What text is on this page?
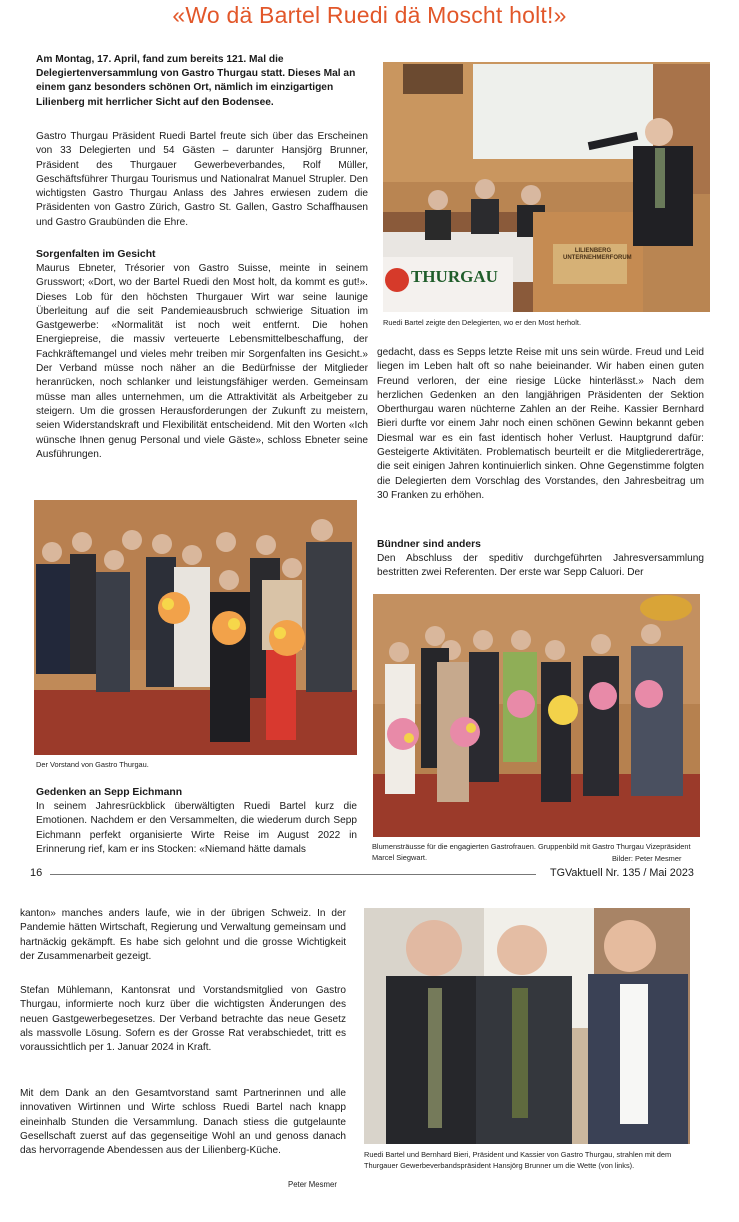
«Wo dä Bartel Ruedi dä Moscht holt!»
Am Montag, 17. April, fand zum bereits 121. Mal die Delegiertenversammlung von Gastro Thurgau statt. Dieses Mal an einem ganz besonders schönen Ort, nämlich im einzigartigen Lilienberg mit herrlicher Sicht auf den Bodensee.
Gastro Thurgau Präsident Ruedi Bartel freute sich über das Erscheinen von 33 Delegierten und 54 Gästen – darunter Hansjörg Brunner, Präsident des Thurgauer Gewerbeverbandes, Rolf Müller, Geschäftsführer Thurgau Tourismus und Nationalrat Manuel Strupler. Den wichtigsten Gastro Thurgau Anlass des Jahres erwiesen zudem die Präsidenten von Gastro Zürich, Gastro St. Gallen, Gastro Schaffhausen und Gastro Graubünden die Ehre.
Sorgenfalten im Gesicht
Maurus Ebneter, Trésorier von Gastro Suisse, meinte in seinem Grusswort; «Dort, wo der Bartel Ruedi den Most holt, da kommt es gut!». Dieses Lob für den höchsten Thurgauer Wirt war seine launige Überleitung auf die seit Pandemieausbruch schwierige Situation im Gastgewerbe: «Normalität ist noch weit entfernt. Die hohen Energiepreise, die massiv verteuerte Lebensmittelbeschaffung, der Fachkräftemangel und vieles mehr treiben mir Sorgenfalten ins Gesicht.» Der Verband müsse noch näher an die Bedürfnisse der Mitglieder heranrücken, noch schlanker und leistungsfähiger werden. Gemeinsam müsse man alles unternehmen, um die Attraktivität als Arbeitgeber zu steigern. Um die grossen Herausforderungen der Zukunft zu meistern, seien Widerstandskraft und Flexibilität entscheidend. Mit den Worten «Ich wünsche Ihnen genug Personal und viele Gäste», schloss Ebneter seine Ausführungen.
THURGAU
LILIENBERG UNTERNEHMERFORUM
Ruedi Bartel zeigte den Delegierten, wo er den Most herholt.
gedacht, dass es Sepps letzte Reise mit uns sein würde. Freud und Leid liegen im Leben halt oft so nahe beieinander. Wir haben einen guten Freund verloren, der eine riesige Lücke hinterlässt.» Nach dem herzlichen Gedenken an den langjährigen Präsidenten der Sektion Oberthurgau waren nüchterne Zahlen an der Reihe. Kassier Bernhard Bieri durfte vor einem Jahr noch einen schönen Gewinn bekannt geben Diesmal war es ein fast identisch hoher Verlust. Hauptgrund dafür: Gesteigerte Aktivitäten. Problematisch beurteilt er die Mitgliedererträge, die seit einigen Jahren kontinuierlich sinken. Ohne Gegenstimme folgten die Delegierten dem Vorschlag des Vorstandes, den Jahresbeitrag um 30 Franken zu erhöhen.
Bündner sind anders
Den Abschluss der speditiv durchgeführten Jahresversammlung bestritten zwei Referenten. Der erste war Sepp Caluori. Der
Der Vorstand von Gastro Thurgau.
Gedenken an Sepp Eichmann
In seinem Jahresrückblick überwältigten Ruedi Bartel kurz die Emotionen. Nachdem er den Versammelten, die wiederum durch Sepp Eichmann perfekt organisierte Wirte Reise im August 2022 in Erinnerung rief, kam er ins Stocken: «Niemand hätte damals	Blumensträusse für die engagierten Gastrofrauen. Gruppenbild mit Gastro Thurgau Vizepräsident Marcel Siegwart.	Bilder: Peter Mesmer
16	TGVaktuell Nr. 135 / Mai 2023
kanton» manches anders laufe, wie in der übrigen Schweiz. In der Pandemie hätten Wirtschaft, Regierung und Verwaltung gemeinsam und hartnäckig gekämpft. Es habe sich gelohnt und die grosse Wichtigkeit der Zusammenarbeit gezeigt.
Stefan Mühlemann, Kantonsrat und Vorstandsmitglied von Gastro Thurgau, informierte noch kurz über die wichtigsten Änderungen des neuen Gastgewerbegesetzes. Der Verband betrachte das neue Gesetz als massvolle Lösung. Sofern es der Grosse Rat verabschiedet, tritt es voraussichtlich per 1. Januar 2024 in Kraft.
Mit dem Dank an den Gesamtvorstand samt Partnerinnen und alle innovativen Wirtinnen und Wirte schloss Ruedi Bartel nach knapp eineinhalb Stunden die Versammlung. Danach stiess die gutgelaunte Gesellschaft zuerst auf das gegenseitige Wohl an und genoss danach das hervorragende Abendessen aus der Lilienberg-Küche.
Peter Mesmer
Ruedi Bartel und Bernhard Bieri, Präsident und Kassier von Gastro Thurgau, strahlen mit dem Thurgauer Gewerbeverbandspräsident Hansjörg Brunner um die Wette (von links).
